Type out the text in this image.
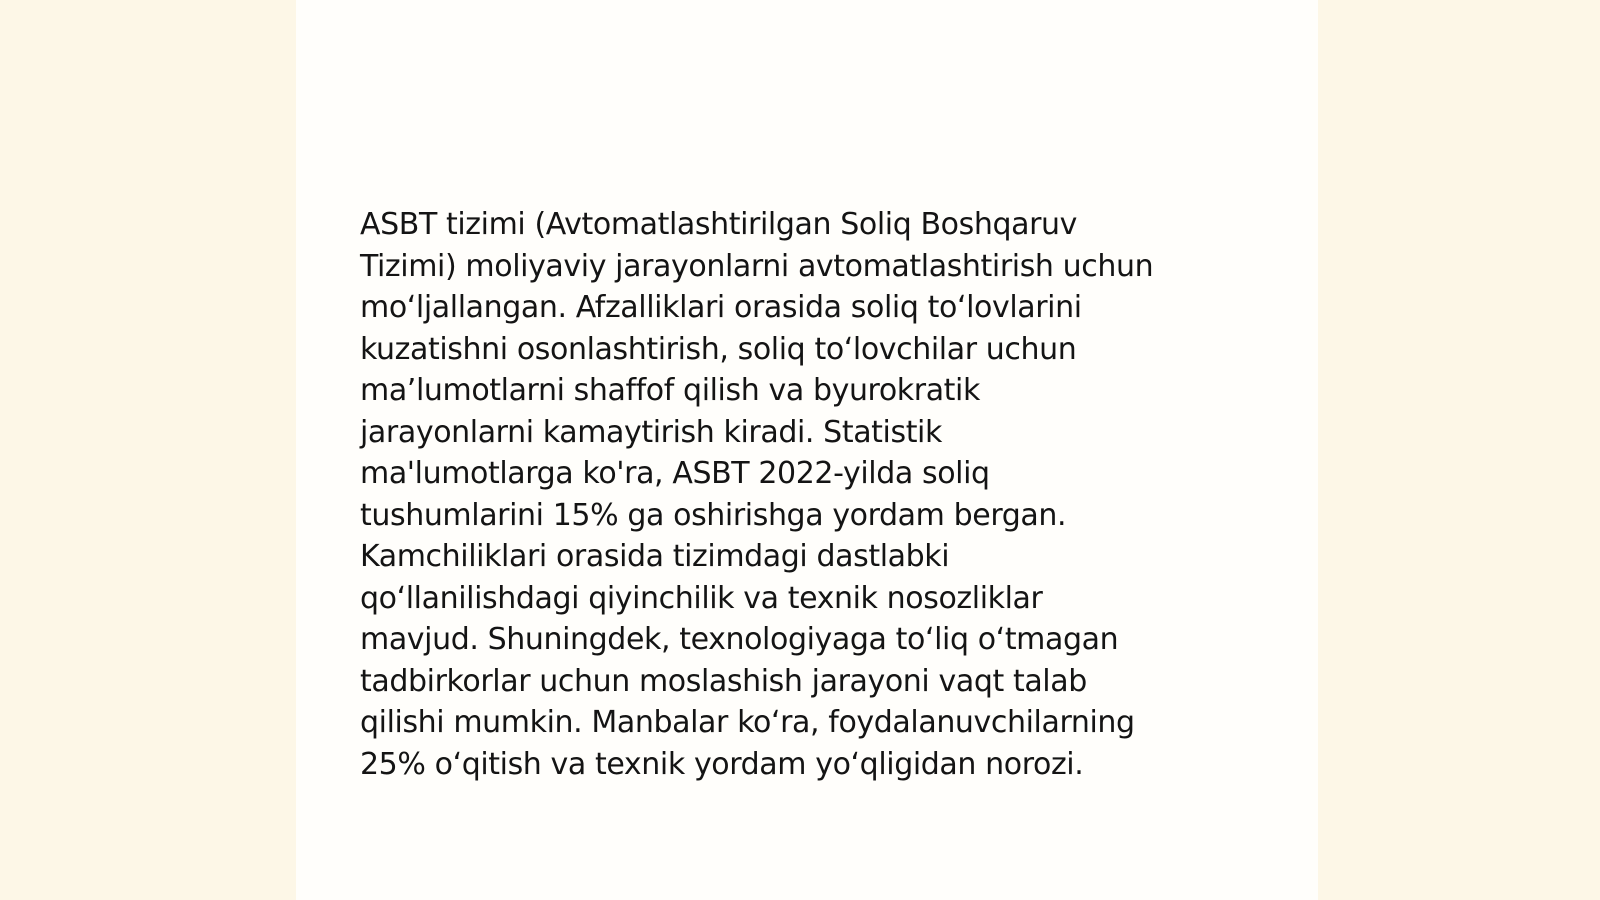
ASBT tizimi (Avtomatlashtirilgan Soliq Boshqaruv
Tizimi) moliyaviy jarayonlarni avtomatlashtirish uchun
mo‘ljallangan. Afzalliklari orasida soliq to‘lovlarini
kuzatishni osonlashtirish, soliq to‘lovchilar uchun
ma’lumotlarni shaffof qilish va byurokratik
jarayonlarni kamaytirish kiradi. Statistik
ma'lumotlarga ko'ra, ASBT 2022-yilda soliq
tushumlarini 15% ga oshirishga yordam bergan.
Kamchiliklari orasida tizimdagi dastlabki
qo‘llanilishdagi qiyinchilik va texnik nosozliklar
mavjud. Shuningdek, texnologiyaga to‘liq o‘tmagan
tadbirkorlar uchun moslashish jarayoni vaqt talab
qilishi mumkin. Manbalar ko‘ra, foydalanuvchilarning
25% o‘qitish va texnik yordam yo‘qligidan norozi.
